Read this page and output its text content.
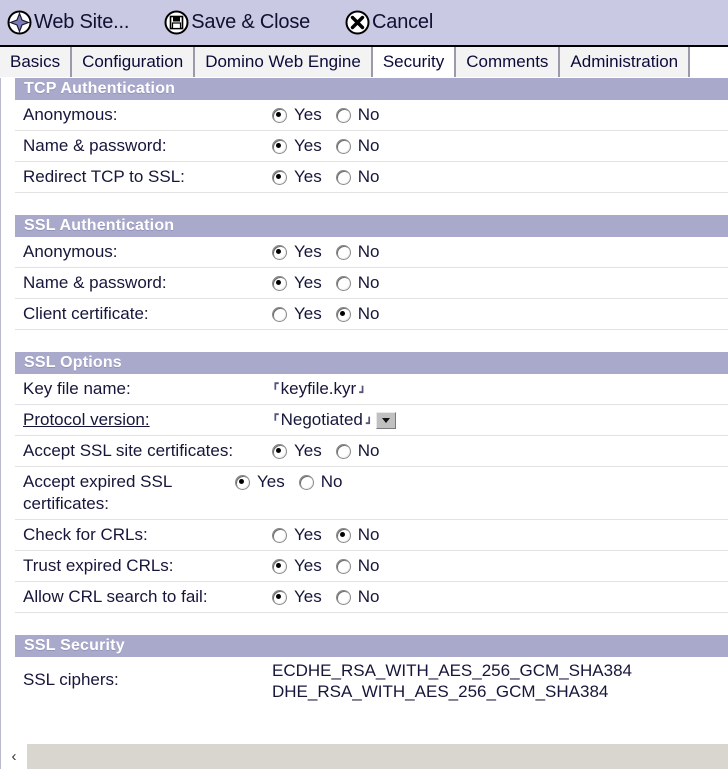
Web Site...	Save & Close	Cancel
Basics Configuration Domino Web Engine Security Comments Administration
TCP Authentication
Anonymous:	Yes No
Name & password:	Yes No
Redirect TCP to SSL:	Yes No
SSL Authentication
Anonymous:	Yes No
Name & password:	Yes No
Client certificate:	Yes No
SSL Options
Key file name:	┏ keyfile.kyr ┛
Protocol version:	┏ Negotiated ┛
Accept SSL site certificates:	Yes No
Accept expired SSL certificates:
Yes No
Check for CRLs:	Yes No
Trust expired CRLs:	Yes No
Allow CRL search to fail:	Yes No
SSL Security
SSL ciphers:	ECDHE_RSA_WITH_AES_256_GCM_SHA384
DHE_RSA_WITH_AES_256_GCM_SHA384
‹
